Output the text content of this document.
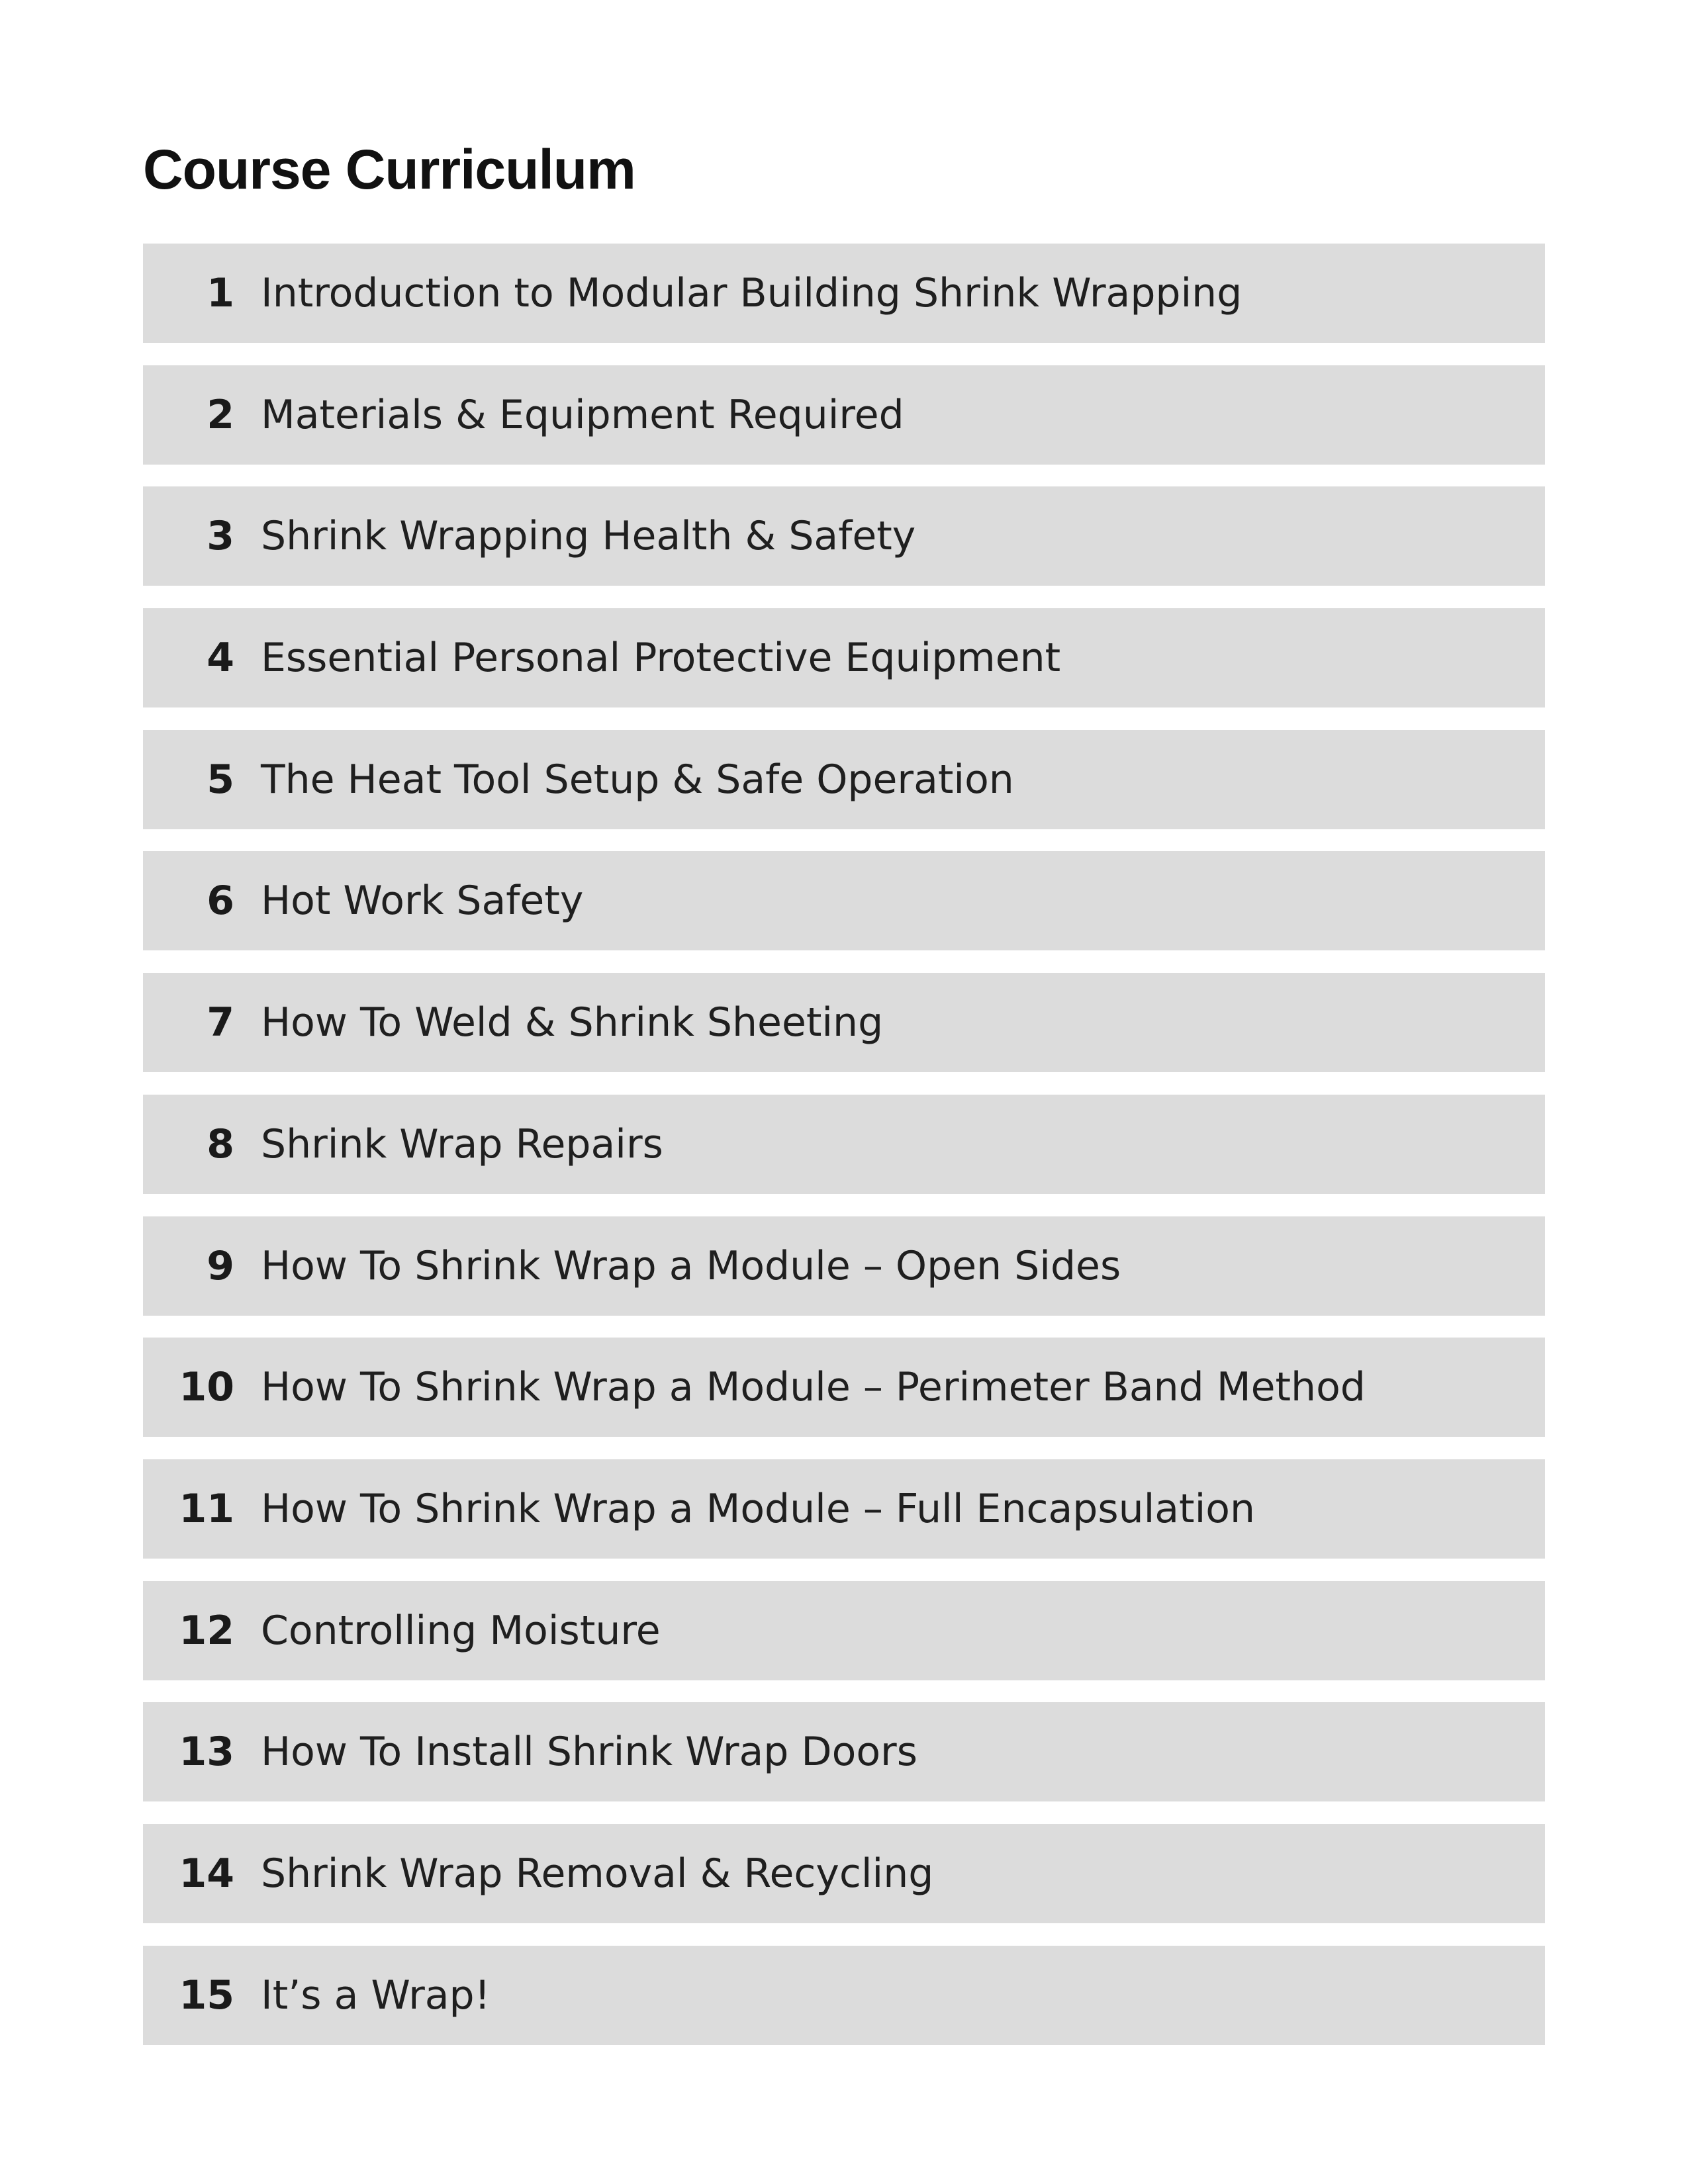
Course Curriculum
1 Introduction to Modular Building Shrink Wrapping
2 Materials & Equipment Required
3 Shrink Wrapping Health & Safety
4 Essential Personal Protective Equipment
5 The Heat Tool Setup & Safe Operation
6 Hot Work Safety
7 How To Weld & Shrink Sheeting
8 Shrink Wrap Repairs
9 How To Shrink Wrap a Module – Open Sides
10 How To Shrink Wrap a Module – Perimeter Band Method
11 How To Shrink Wrap a Module – Full Encapsulation
12 Controlling Moisture
13 How To Install Shrink Wrap Doors
14 Shrink Wrap Removal & Recycling
15 It’s a Wrap!
